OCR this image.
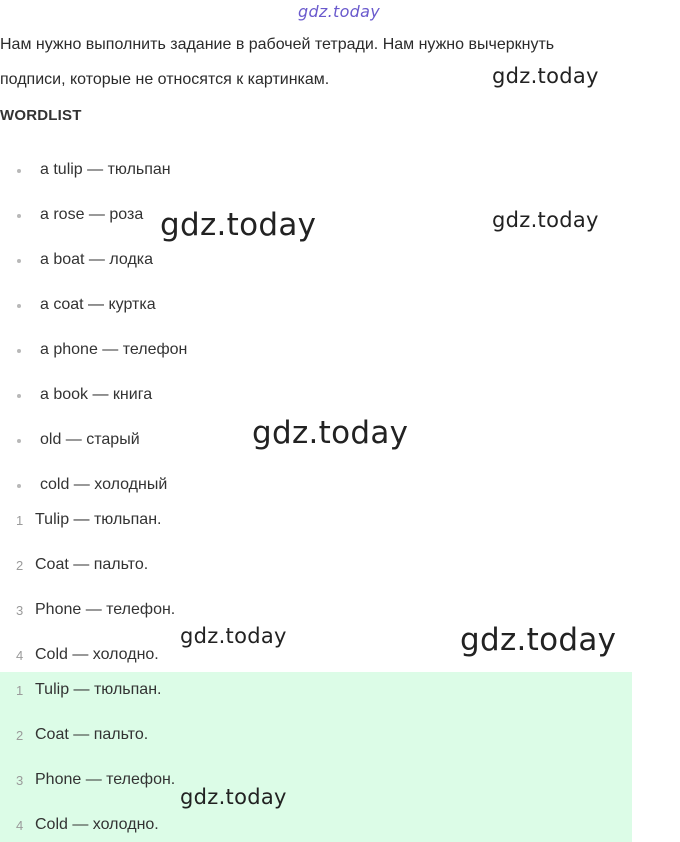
gdz.today
Нам нужно выполнить задание в рабочей тетради. Нам нужно вычеркнуть
подписи, которые не относятся к картинкам.
WORDLIST
a tulip — тюльпан
a rose — роза
a boat — лодка
a coat — куртка
a phone — телефон
a book — книга
old — старый
cold — холодный
1 Tulip — тюльпан.
2 Coat — пальто.
3 Phone — телефон.
4 Cold — холодно.
1 Tulip — тюльпан.
2 Coat — пальто.
3 Phone — телефон.
4 Cold — холодно.
gdz.today
gdz.today	gdz.today
gdz.today
gdz.today	gdz.today
gdz.today
